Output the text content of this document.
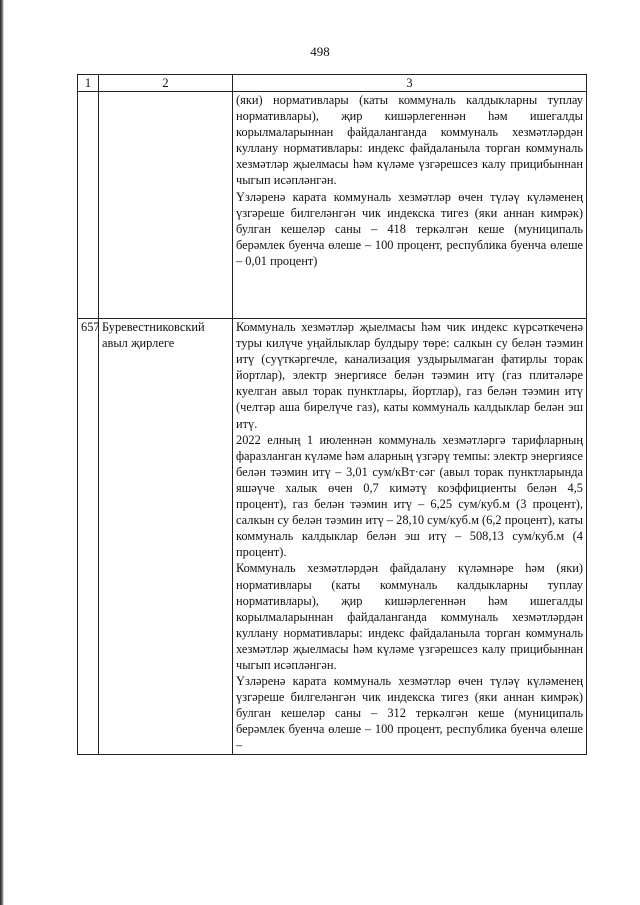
498
1	2	3

		(яки) нормативлары (каты коммуналь калдыкларны туплау нормативлары), җир кишәрлегеннән һәм ишегалды корылмаларыннан файдаланганда коммуналь хезмәтләрдән куллану нормативлары: индекс файдаланыла торган коммуналь хезмәтләр җыелмасы һәм күләме үзгәрешсез калу прицибыннан чыгып исәпләнгән.

Үзләренә карата коммуналь хезмәтләр өчен түләү күләменең үзгәреше билгеләнгән чик индекска тигез (яки аннан кимрәк) булган кешеләр саны – 418 теркәлгән кеше (муниципаль берәмлек буенча өлеше – 100 процент, республика буенча өлеше – 0,01 процент)

657	Буревестниковский авыл җирлеге	Коммуналь хезмәтләр җыелмасы һәм чик индекс күрсәткеченә туры килүче уңайлыклар булдыру төре: салкын су белән тәэмин итү (суүткәргечле, канализация уздырылмаган фатирлы торак йортлар), электр энергиясе белән тәэмин итү (газ плитәләре куелган авыл торак пунктлары, йортлар), газ белән тәэмин итү (челтәр аша бирелүче газ), каты коммуналь калдыклар белән эш итү.

2022 елның 1 июленнән коммуналь хезмәтләргә тарифларның фаразланган күләме һәм аларның үзгәрү темпы: электр энергиясе белән тәэмин итү – 3,01 сум/кВт·сәг (авыл торак пунктларында яшәүче халык өчен 0,7 кимәтү коэффициенты белән 4,5 процент), газ белән тәэмин итү – 6,25 сум/куб.м (3 процент), салкын су белән тәэмин итү – 28,10 сум/куб.м (6,2 процент), каты коммуналь калдыклар белән эш итү – 508,13 сум/куб.м (4 процент).

Коммуналь хезмәтләрдән файдалану күләмнәре һәм (яки) нормативлары (каты коммуналь калдыкларны туплау нормативлары), җир кишәрлегеннән һәм ишегалды корылмаларыннан файдаланганда коммуналь хезмәтләрдән куллану нормативлары: индекс файдаланыла торган коммуналь хезмәтләр җыелмасы һәм күләме үзгәрешсез калу прицибыннан чыгып исәпләнгән.

Үзләренә карата коммуналь хезмәтләр өчен түләү күләменең үзгәреше билгеләнгән чик индекска тигез (яки аннан кимрәк) булган кешеләр саны – 312 теркәлгән кеше (муниципаль берәмлек буенча өлеше – 100 процент, республика буенча өлеше –
